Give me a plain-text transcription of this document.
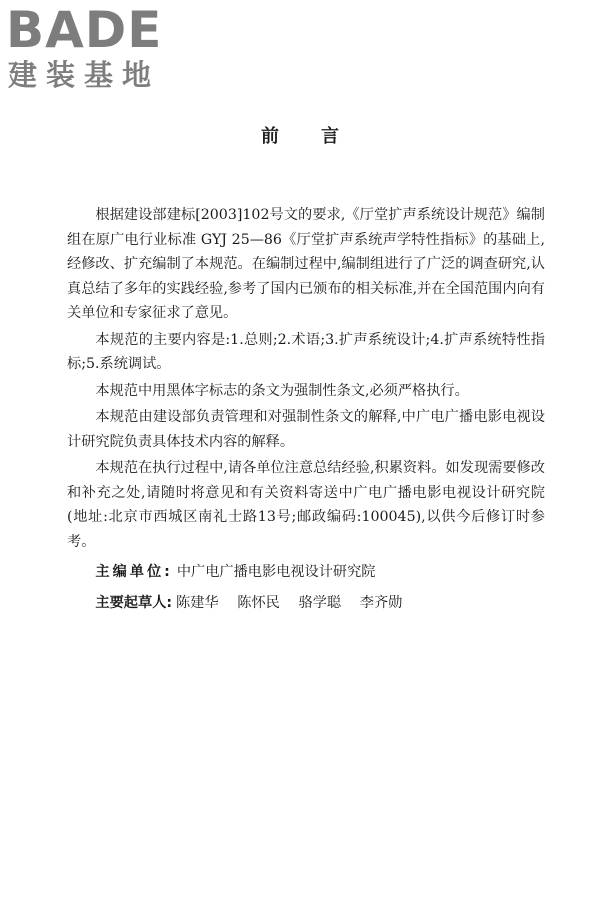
BADE
建装基地
前言

根据建设部建标[2003]102号文的要求,《厅堂扩声系统设计规范》编制组在原广电行业标准 GYJ 25—86《厅堂扩声系统声学特性指标》的基础上,经修改、扩充编制了本规范。在编制过程中,编制组进行了广泛的调查研究,认真总结了多年的实践经验,参考了国内已颁布的相关标准,并在全国范围内向有关单位和专家征求了意见。

本规范的主要内容是:1.总则;2.术语;3.扩声系统设计;4.扩声系统特性指标;5.系统调试。

本规范中用黑体字标志的条文为强制性条文,必须严格执行。

本规范由建设部负责管理和对强制性条文的解释,中广电广播电影电视设计研究院负责具体技术内容的解释。

本规范在执行过程中,请各单位注意总结经验,积累资料。如发现需要修改和补充之处,请随时将意见和有关资料寄送中广电广播电影电视设计研究院(地址:北京市西城区南礼士路13号;邮政编码:100045),以供今后修订时参考。

主编单位: 中广电广播电影电视设计研究院
主要起草人: 陈建华　 陈怀民　 骆学聪　 李齐勋
